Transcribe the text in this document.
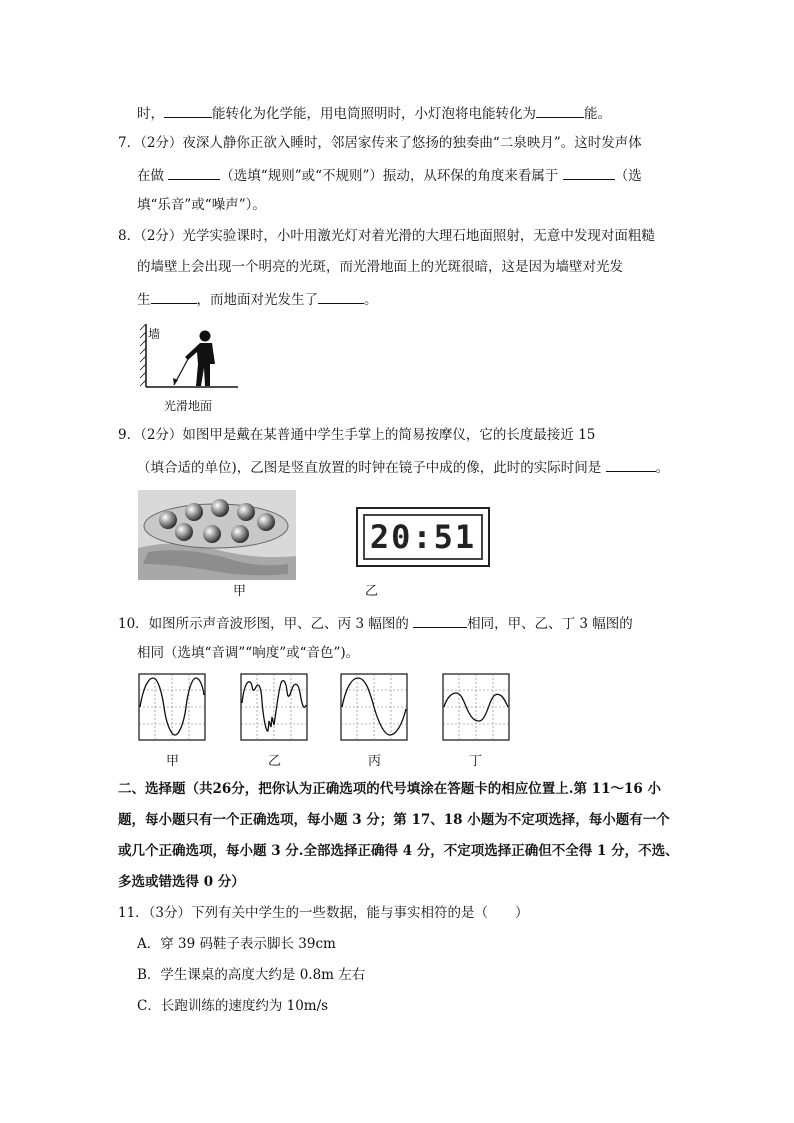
时，	能转化为化学能，用电筒照明时，小灯泡将电能转化为	能。
7．（2分）夜深人静你正欲入睡时，邻居家传来了悠扬的独奏曲“二泉映月”。这时发声体
在做	（选填“规则”或“不规则”）振动，从环保的角度来看属于	（选
填“乐音”或“噪声”）。
8．（2分）光学实验课时，小叶用激光灯对着光滑的大理石地面照射，无意中发现对面粗糙
的墙壁上会出现一个明亮的光斑，而光滑地面上的光斑很暗，这是因为墙壁对光发
生	，而地面对光发生了	。
墙
光滑地面
9．（2分）如图甲是戴在某普通中学生手掌上的简易按摩仪，它的长度最接近 15
（填合适的单位)，乙图是竖直放置的时钟在镜子中成的像，此时的实际时间是	。
甲
20:51
乙
10．如图所示声音波形图，甲、乙、丙 3 幅图的	相同，甲、乙、丁 3 幅图的
相同（选填“音调”“响度”或“音色”)。
甲	乙	丙	丁
二、选择题（共26分，把你认为正确选项的代号填涂在答题卡的相应位置上.第 11～16 小
题，每小题只有一个正确选项，每小题 3 分；第 17、18 小题为不定项选择，每小题有一个
或几个正确选项，每小题 3 分.全部选择正确得 4 分，不定项选择正确但不全得 1 分，不选、
多选或错选得 0 分）
11．（3分）下列有关中学生的一些数据，能与事实相符的是（　　）
A．穿 39 码鞋子表示脚长 39cm
B．学生课桌的高度大约是 0.8m 左右
C．长跑训练的速度约为 10m/s
